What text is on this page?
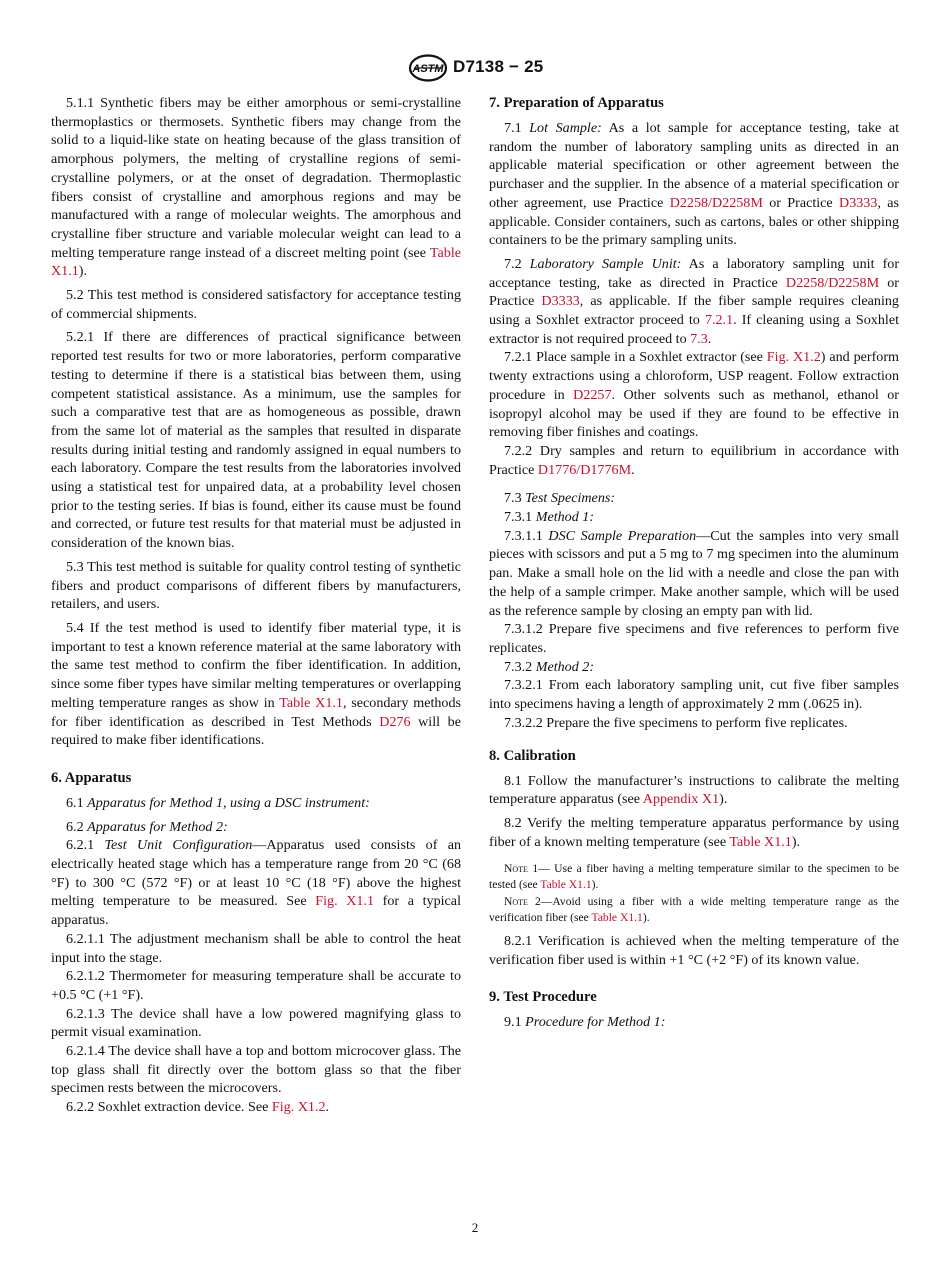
ASTM D7138 − 25

5.1.1 Synthetic fibers may be either amorphous or semi-crystalline thermoplastics or thermosets. Synthetic fibers may change from the solid to a liquid-like state on heating because of the glass transition of amorphous polymers, the melting of crystalline regions of semi-crystalline polymers, or at the onset of degradation. Thermoplastic fibers consist of crystalline and amorphous regions and may be manufactured with a range of molecular weights. The amorphous and crystalline fiber structure and variable molecular weight can lead to a melting temperature range instead of a discreet melting point (see Table X1.1).

5.2 This test method is considered satisfactory for acceptance testing of commercial shipments.

5.2.1 If there are differences of practical significance between reported test results for two or more laboratories, perform comparative testing to determine if there is a statistical bias between them, using competent statistical assistance. As a minimum, use the samples for such a comparative test that are as homogeneous as possible, drawn from the same lot of material as the samples that resulted in disparate results during initial testing and randomly assigned in equal numbers to each laboratory. Compare the test results from the laboratories involved using a statistical test for unpaired data, at a probability level chosen prior to the testing series. If bias is found, either its cause must be found and corrected, or future test results for that material must be adjusted in consideration of the known bias.

5.3 This test method is suitable for quality control testing of synthetic fibers and product comparisons of different fibers by manufacturers, retailers, and users.

5.4 If the test method is used to identify fiber material type, it is important to test a known reference material at the same laboratory with the same test method to confirm the fiber identification. In addition, since some fiber types have similar melting temperatures or overlapping melting temperature ranges as show in Table X1.1, secondary methods for fiber identification as described in Test Methods D276 will be required to make fiber identifications.

6. Apparatus

6.1 Apparatus for Method 1, using a DSC instrument:

6.2 Apparatus for Method 2:

6.2.1 Test Unit Configuration—Apparatus used consists of an electrically heated stage which has a temperature range from 20 °C (68 °F) to 300 °C (572 °F) or at least 10 °C (18 °F) above the highest melting temperature to be measured. See Fig. X1.1 for a typical apparatus.

6.2.1.1 The adjustment mechanism shall be able to control the heat input into the stage.

6.2.1.2 Thermometer for measuring temperature shall be accurate to +0.5 °C (+1 °F).

6.2.1.3 The device shall have a low powered magnifying glass to permit visual examination.

6.2.1.4 The device shall have a top and bottom microcover glass. The top glass shall fit directly over the bottom glass so that the fiber specimen rests between the microcovers.

6.2.2 Soxhlet extraction device. See Fig. X1.2.

7. Preparation of Apparatus

7.1 Lot Sample: As a lot sample for acceptance testing, take at random the number of laboratory sampling units as directed in an applicable material specification or other agreement between the purchaser and the supplier. In the absence of a material specification or other agreement, use Practice D2258/D2258M or Practice D3333, as applicable. Consider containers, such as cartons, bales or other shipping containers to be the primary sampling units.

7.2 Laboratory Sample Unit: As a laboratory sampling unit for acceptance testing, take as directed in Practice D2258/D2258M or Practice D3333, as applicable. If the fiber sample requires cleaning using a Soxhlet extractor proceed to 7.2.1. If cleaning using a Soxhlet extractor is not required proceed to 7.3.

7.2.1 Place sample in a Soxhlet extractor (see Fig. X1.2) and perform twenty extractions using a chloroform, USP reagent. Follow extraction procedure in D2257. Other solvents such as methanol, ethanol or isopropyl alcohol may be used if they are found to be effective in removing fiber finishes and coatings.

7.2.2 Dry samples and return to equilibrium in accordance with Practice D1776/D1776M.

7.3 Test Specimens:

7.3.1 Method 1:

7.3.1.1 DSC Sample Preparation—Cut the samples into very small pieces with scissors and put a 5 mg to 7 mg specimen into the aluminum pan. Make a small hole on the lid with a needle and close the pan with the help of a sample crimper. Make another sample, which will be used as the reference sample by closing an empty pan with lid.

7.3.1.2 Prepare five specimens and five references to perform five replicates.

7.3.2 Method 2:

7.3.2.1 From each laboratory sampling unit, cut five fiber samples into specimens having a length of approximately 2 mm (.0625 in).

7.3.2.2 Prepare the five specimens to perform five replicates.

8. Calibration

8.1 Follow the manufacturer’s instructions to calibrate the melting temperature apparatus (see Appendix X1).

8.2 Verify the melting temperature apparatus performance by using fiber of a known melting temperature (see Table X1.1).

Note 1— Use a fiber having a melting temperature similar to the specimen to be tested (see Table X1.1).

Note 2—Avoid using a fiber with a wide melting temperature range as the verification fiber (see Table X1.1).

8.2.1 Verification is achieved when the melting temperature of the verification fiber used is within +1 °C (+2 °F) of its known value.

9. Test Procedure

9.1 Procedure for Method 1:

2
